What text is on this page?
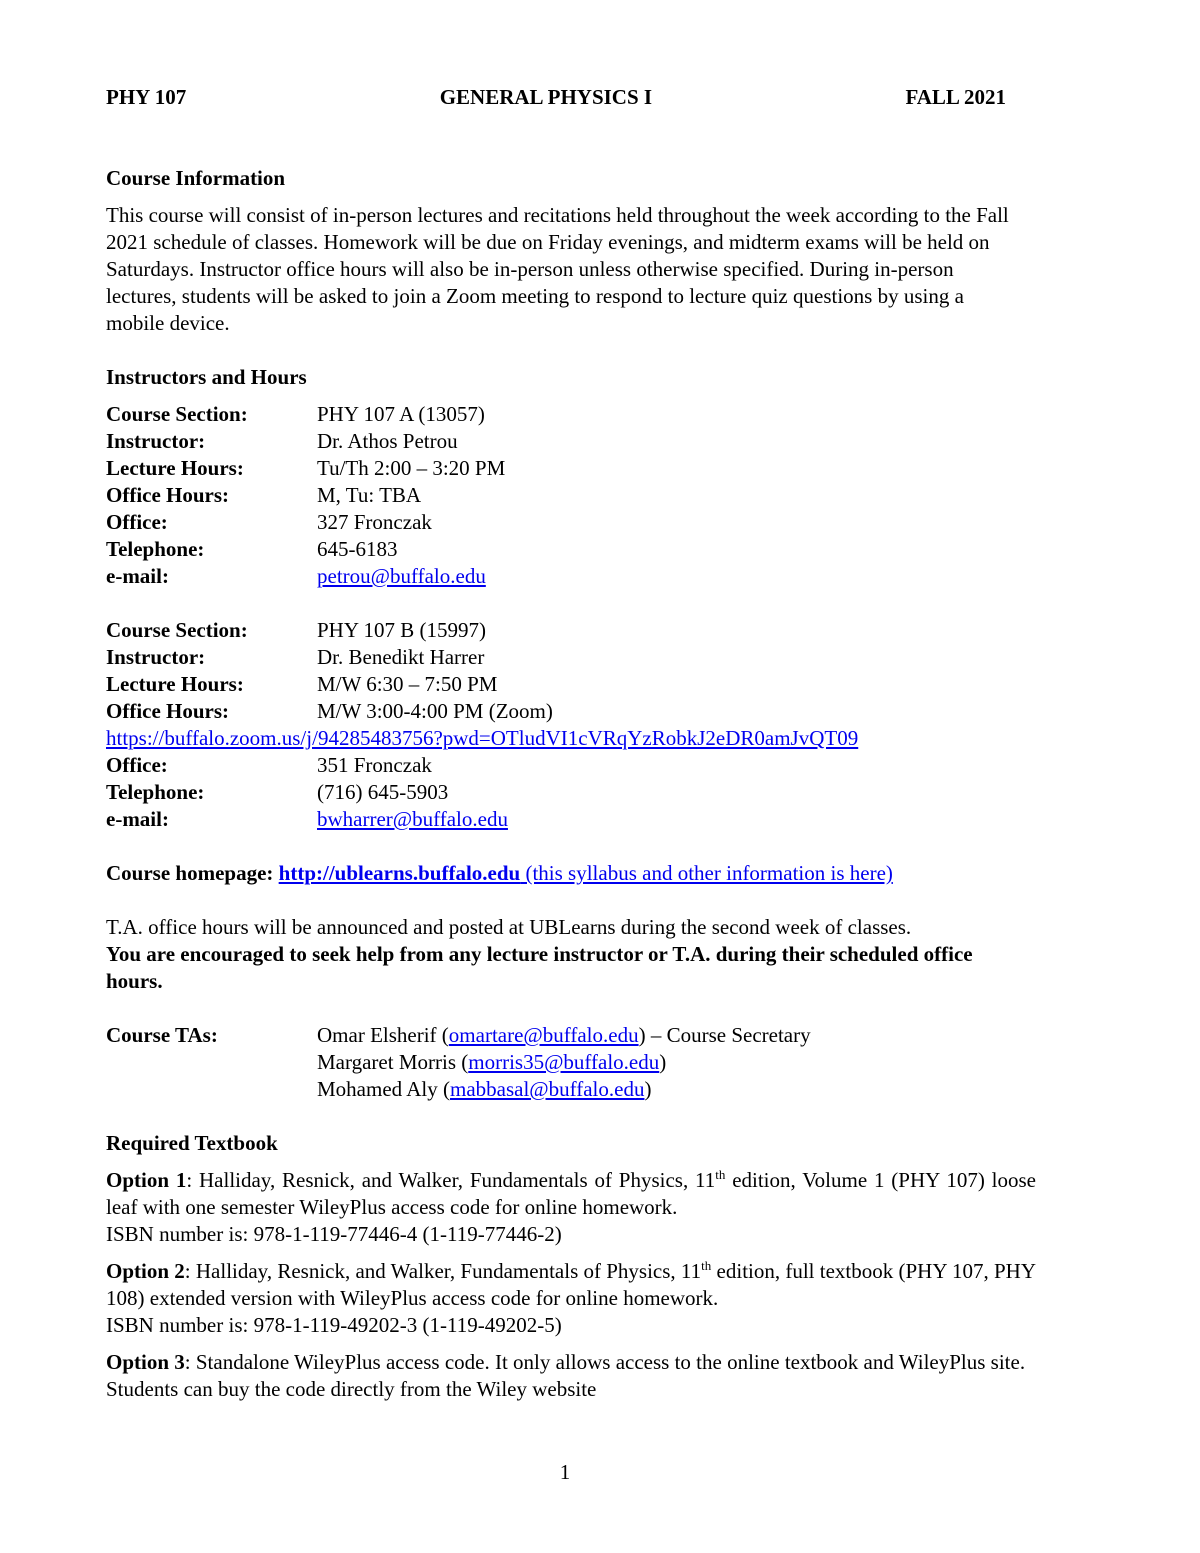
PHY 107	GENERAL PHYSICS I	FALL 2021
Course Information

This course will consist of in-person lectures and recitations held throughout the week according to the Fall 2021 schedule of classes. Homework will be due on Friday evenings, and midterm exams will be held on Saturdays. Instructor office hours will also be in-person unless otherwise specified. During in-person lectures, students will be asked to join a Zoom meeting to respond to lecture quiz questions by using a mobile device.

Instructors and Hours
Course Section:	PHY 107 A (13057)
Instructor:	Dr. Athos Petrou
Lecture Hours:	Tu/Th 2:00 – 3:20 PM
Office Hours:	M, Tu: TBA
Office:	327 Fronczak
Telephone:	645-6183
e-mail:	petrou@buffalo.edu
Course Section:	PHY 107 B (15997)
Instructor:	Dr. Benedikt Harrer
Lecture Hours:	M/W 6:30 – 7:50 PM
Office Hours:	M/W 3:00-4:00 PM (Zoom)
https://buffalo.zoom.us/j/94285483756?pwd=OTludVI1cVRqYzRobkJ2eDR0amJvQT09
Office:	351 Fronczak
Telephone:	(716) 645-5903
e-mail:	bwharrer@buffalo.edu
Course homepage: http://ublearns.buffalo.edu (this syllabus and other information is here)
T.A. office hours will be announced and posted at UBLearns during the second week of classes.
You are encouraged to seek help from any lecture instructor or T.A. during their scheduled office hours.
Course TAs:	Omar Elsherif (omartare@buffalo.edu) – Course Secretary
Margaret Morris (morris35@buffalo.edu)
Mohamed Aly (mabbasal@buffalo.edu)
Required Textbook
Option 1: Halliday, Resnick, and Walker, Fundamentals of Physics, 11th edition, Volume 1 (PHY 107) loose leaf with one semester WileyPlus access code for online homework.
ISBN number is: 978-1-119-77446-4 (1-119-77446-2)
Option 2: Halliday, Resnick, and Walker, Fundamentals of Physics, 11th edition, full textbook (PHY 107, PHY 108) extended version with WileyPlus access code for online homework.
ISBN number is: 978-1-119-49202-3 (1-119-49202-5)
Option 3: Standalone WileyPlus access code. It only allows access to the online textbook and WileyPlus site. Students can buy the code directly from the Wiley website
1
